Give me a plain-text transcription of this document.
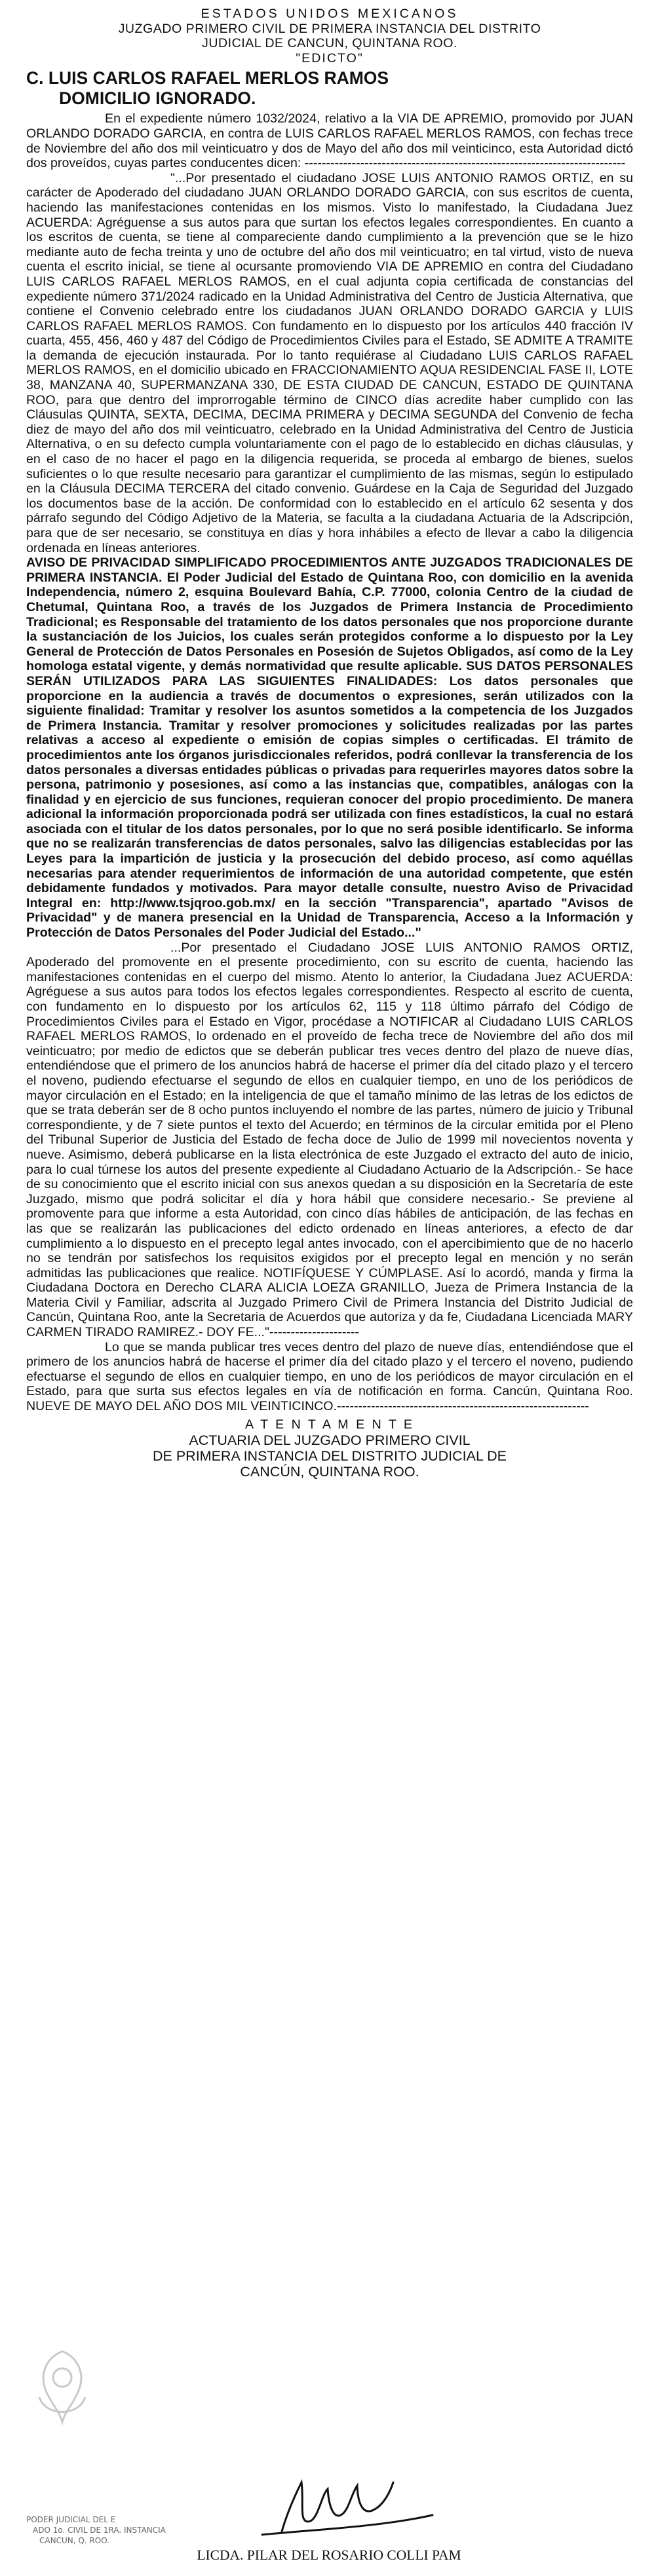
ESTADOS UNIDOS MEXICANOS
JUZGADO PRIMERO CIVIL DE PRIMERA INSTANCIA DEL DISTRITO
JUDICIAL DE CANCUN, QUINTANA ROO.
"EDICTO"
C. LUIS CARLOS RAFAEL MERLOS RAMOS
DOMICILIO IGNORADO.

En el expediente número 1032/2024, relativo a la VIA DE APREMIO, promovido por JUAN ORLANDO DORADO GARCIA, en contra de LUIS CARLOS RAFAEL MERLOS RAMOS, con fechas trece de Noviembre del año dos mil veinticuatro y dos de Mayo del año dos mil veinticinco, esta Autoridad dictó dos proveídos, cuyas partes conducentes dicen: ---------------------------------------------------------------------------

"...Por presentado el ciudadano JOSE LUIS ANTONIO RAMOS ORTIZ, en su carácter de Apoderado del ciudadano JUAN ORLANDO DORADO GARCIA, con sus escritos de cuenta, haciendo las manifestaciones contenidas en los mismos. Visto lo manifestado, la Ciudadana Juez ACUERDA: Agréguense a sus autos para que surtan los efectos legales correspondientes. En cuanto a los escritos de cuenta, se tiene al compareciente dando cumplimiento a la prevención que se le hizo mediante auto de fecha treinta y uno de octubre del año dos mil veinticuatro; en tal virtud, visto de nueva cuenta el escrito inicial, se tiene al ocursante promoviendo VIA DE APREMIO en contra del Ciudadano LUIS CARLOS RAFAEL MERLOS RAMOS, en el cual adjunta copia certificada de constancias del expediente número 371/2024 radicado en la Unidad Administrativa del Centro de Justicia Alternativa, que contiene el Convenio celebrado entre los ciudadanos JUAN ORLANDO DORADO GARCIA y LUIS CARLOS RAFAEL MERLOS RAMOS. Con fundamento en lo dispuesto por los artículos 440 fracción IV cuarta, 455, 456, 460 y 487 del Código de Procedimientos Civiles para el Estado, SE ADMITE A TRAMITE la demanda de ejecución instaurada. Por lo tanto requiérase al Ciudadano LUIS CARLOS RAFAEL MERLOS RAMOS, en el domicilio ubicado en FRACCIONAMIENTO AQUA RESIDENCIAL FASE II, LOTE 38, MANZANA 40, SUPERMANZANA 330, DE ESTA CIUDAD DE CANCUN, ESTADO DE QUINTANA ROO, para que dentro del improrrogable término de CINCO días acredite haber cumplido con las Cláusulas QUINTA, SEXTA, DECIMA, DECIMA PRIMERA y DECIMA SEGUNDA del Convenio de fecha diez de mayo del año dos mil veinticuatro, celebrado en la Unidad Administrativa del Centro de Justicia Alternativa, o en su defecto cumpla voluntariamente con el pago de lo establecido en dichas cláusulas, y en el caso de no hacer el pago en la diligencia requerida, se proceda al embargo de bienes, suelos suficientes o lo que resulte necesario para garantizar el cumplimiento de las mismas, según lo estipulado en la Cláusula DECIMA TERCERA del citado convenio. Guárdese en la Caja de Seguridad del Juzgado los documentos base de la acción. De conformidad con lo establecido en el artículo 62 sesenta y dos párrafo segundo del Código Adjetivo de la Materia, se faculta a la ciudadana Actuaria de la Adscripción, para que de ser necesario, se constituya en días y hora inhábiles a efecto de llevar a cabo la diligencia ordenada en líneas anteriores.

AVISO DE PRIVACIDAD SIMPLIFICADO PROCEDIMIENTOS ANTE JUZGADOS TRADICIONALES DE PRIMERA INSTANCIA. El Poder Judicial del Estado de Quintana Roo, con domicilio en la avenida Independencia, número 2, esquina Boulevard Bahía, C.P. 77000, colonia Centro de la ciudad de Chetumal, Quintana Roo, a través de los Juzgados de Primera Instancia de Procedimiento Tradicional; es Responsable del tratamiento de los datos personales que nos proporcione durante la sustanciación de los Juicios, los cuales serán protegidos conforme a lo dispuesto por la Ley General de Protección de Datos Personales en Posesión de Sujetos Obligados, así como de la Ley homologa estatal vigente, y demás normatividad que resulte aplicable. SUS DATOS PERSONALES SERÁN UTILIZADOS PARA LAS SIGUIENTES FINALIDADES: Los datos personales que proporcione en la audiencia a través de documentos o expresiones, serán utilizados con la siguiente finalidad: Tramitar y resolver los asuntos sometidos a la competencia de los Juzgados de Primera Instancia. Tramitar y resolver promociones y solicitudes realizadas por las partes relativas a acceso al expediente o emisión de copias simples o certificadas. El trámito de procedimientos ante los órganos jurisdiccionales referidos, podrá conllevar la transferencia de los datos personales a diversas entidades públicas o privadas para requerirles mayores datos sobre la persona, patrimonio y posesiones, así como a las instancias que, compatibles, análogas con la finalidad y en ejercicio de sus funciones, requieran conocer del propio procedimiento. De manera adicional la información proporcionada podrá ser utilizada con fines estadísticos, la cual no estará asociada con el titular de los datos personales, por lo que no será posible identificarlo. Se informa que no se realizarán transferencias de datos personales, salvo las diligencias establecidas por las Leyes para la impartición de justicia y la prosecución del debido proceso, así como aquéllas necesarias para atender requerimientos de información de una autoridad competente, que estén debidamente fundados y motivados. Para mayor detalle consulte, nuestro Aviso de Privacidad Integral en: http://www.tsjqroo.gob.mx/ en la sección "Transparencia", apartado "Avisos de Privacidad" y de manera presencial en la Unidad de Transparencia, Acceso a la Información y Protección de Datos Personales del Poder Judicial del Estado..."

...Por presentado el Ciudadano JOSE LUIS ANTONIO RAMOS ORTIZ, Apoderado del promovente en el presente procedimiento, con su escrito de cuenta, haciendo las manifestaciones contenidas en el cuerpo del mismo. Atento lo anterior, la Ciudadana Juez ACUERDA: Agréguese a sus autos para todos los efectos legales correspondientes. Respecto al escrito de cuenta, con fundamento en lo dispuesto por los artículos 62, 115 y 118 último párrafo del Código de Procedimientos Civiles para el Estado en Vigor, procédase a NOTIFICAR al Ciudadano LUIS CARLOS RAFAEL MERLOS RAMOS, lo ordenado en el proveído de fecha trece de Noviembre del año dos mil veinticuatro; por medio de edictos que se deberán publicar tres veces dentro del plazo de nueve días, entendiéndose que el primero de los anuncios habrá de hacerse el primer día del citado plazo y el tercero el noveno, pudiendo efectuarse el segundo de ellos en cualquier tiempo, en uno de los periódicos de mayor circulación en el Estado; en la inteligencia de que el tamaño mínimo de las letras de los edictos de que se trata deberán ser de 8 ocho puntos incluyendo el nombre de las partes, número de juicio y Tribunal correspondiente, y de 7 siete puntos el texto del Acuerdo; en términos de la circular emitida por el Pleno del Tribunal Superior de Justicia del Estado de fecha doce de Julio de 1999 mil novecientos noventa y nueve. Asimismo, deberá publicarse en la lista electrónica de este Juzgado el extracto del auto de inicio, para lo cual túrnese los autos del presente expediente al Ciudadano Actuario de la Adscripción.- Se hace de su conocimiento que el escrito inicial con sus anexos quedan a su disposición en la Secretaría de este Juzgado, mismo que podrá solicitar el día y hora hábil que considere necesario.- Se previene al promovente para que informe a esta Autoridad, con cinco días hábiles de anticipación, de las fechas en las que se realizarán las publicaciones del edicto ordenado en líneas anteriores, a efecto de dar cumplimiento a lo dispuesto en el precepto legal antes invocado, con el apercibimiento que de no hacerlo no se tendrán por satisfechos los requisitos exigidos por el precepto legal en mención y no serán admitidas las publicaciones que realice. NOTIFÍQUESE Y CÚMPLASE. Así lo acordó, manda y firma la Ciudadana Doctora en Derecho CLARA ALICIA LOEZA GRANILLO, Jueza de Primera Instancia de la Materia Civil y Familiar, adscrita al Juzgado Primero Civil de Primera Instancia del Distrito Judicial de Cancún, Quintana Roo, ante la Secretaria de Acuerdos que autoriza y da fe, Ciudadana Licenciada MARY CARMEN TIRADO RAMIREZ.- DOY FE..."---------------------

Lo que se manda publicar tres veces dentro del plazo de nueve días, entendiéndose que el primero de los anuncios habrá de hacerse el primer día del citado plazo y el tercero el noveno, pudiendo efectuarse el segundo de ellos en cualquier tiempo, en uno de los periódicos de mayor circulación en el Estado, para que surta sus efectos legales en vía de notificación en forma. Cancún, Quintana Roo. NUEVE DE MAYO DEL AÑO DOS MIL VEINTICINCO.-----------------------------------------------------------

A T E N T A M E N T E
ACTUARIA DEL JUZGADO PRIMERO CIVIL
DE PRIMERA INSTANCIA DEL DISTRITO JUDICIAL DE
CANCÚN, QUINTANA ROO.
PODER JUDICIAL DEL E
ADO 1o. CIVIL DE 1RA. INSTANCIA
CANCUN, Q. ROO.
LICDA. PILAR DEL ROSARIO COLLI PAM
